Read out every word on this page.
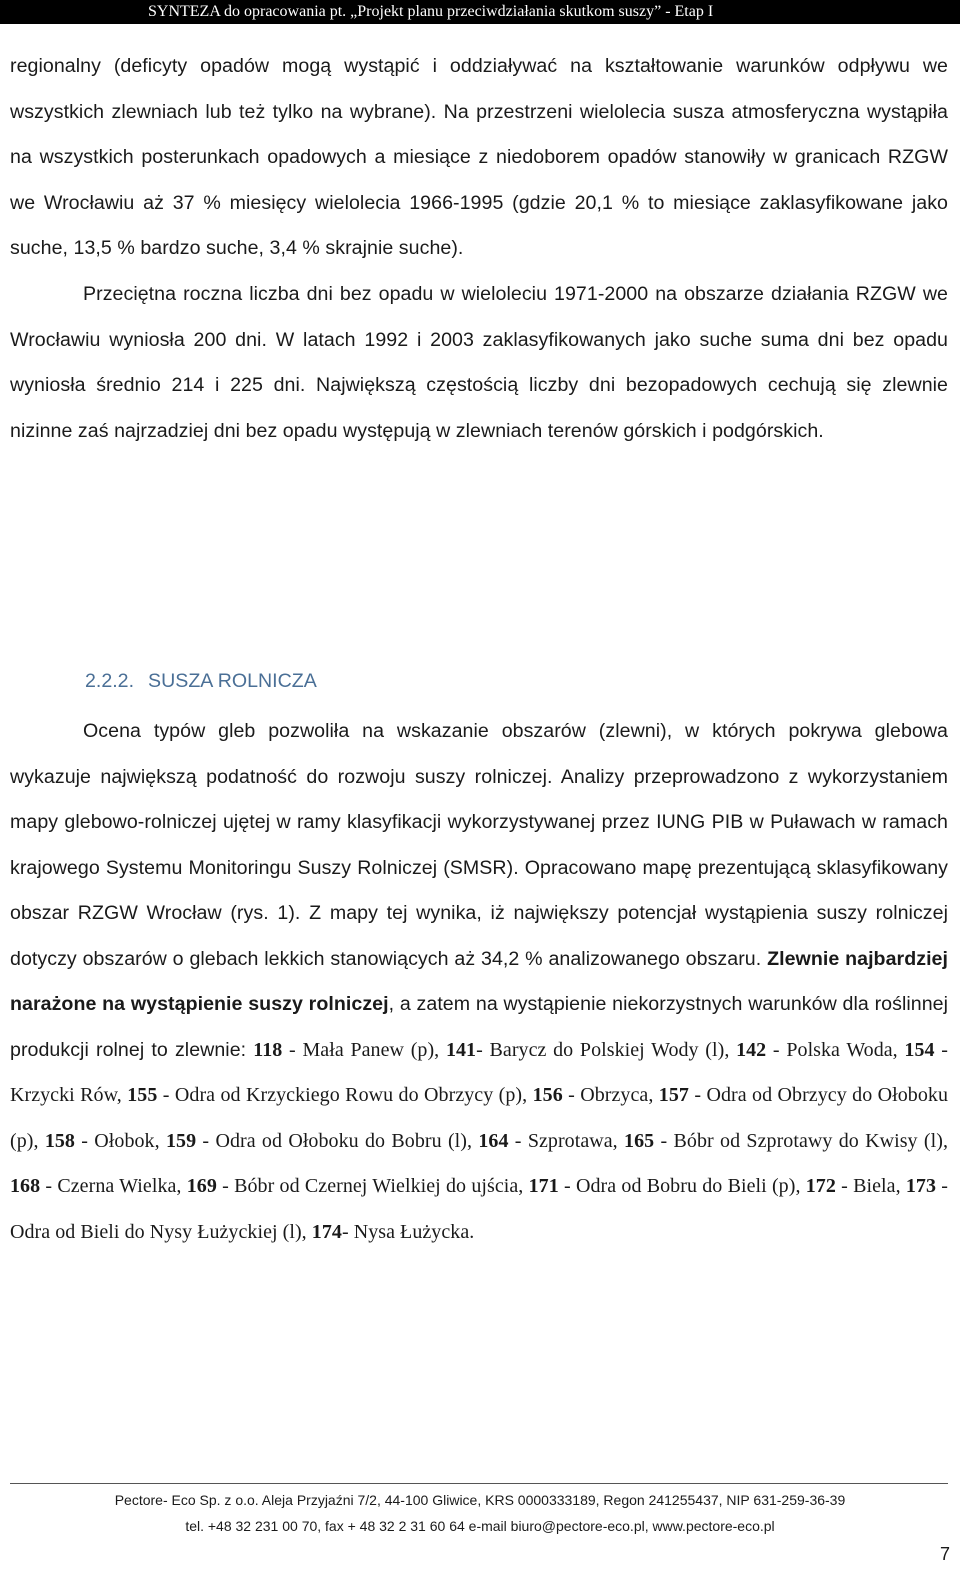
SYNTEZA do opracowania pt. „Projekt planu przeciwdziałania skutkom suszy” - Etap I

regionalny (deficyty opadów mogą wystąpić i oddziaływać na kształtowanie warunków odpływu we wszystkich zlewniach lub też tylko na wybrane). Na przestrzeni wielolecia susza atmosferyczna wystąpiła na wszystkich posterunkach opadowych a miesiące z niedoborem opadów stanowiły w granicach RZGW we Wrocławiu aż 37 % miesięcy wielolecia 1966-1995 (gdzie 20,1 % to miesiące zaklasyfikowane jako suche, 13,5 % bardzo suche, 3,4 % skrajnie suche).

Przeciętna roczna liczba dni bez opadu w wieloleciu 1971-2000 na obszarze działania RZGW we Wrocławiu wyniosła 200 dni. W latach 1992 i 2003 zaklasyfikowanych jako suche suma dni bez opadu wyniosła średnio 214 i 225 dni. Największą częstością liczby dni bezopadowych cechują się zlewnie nizinne zaś najrzadziej dni bez opadu występują w zlewniach terenów górskich i podgórskich.

2.2.2. SUSZA ROLNICZA

Ocena typów gleb pozwoliła na wskazanie obszarów (zlewni), w których pokrywa glebowa wykazuje największą podatność do rozwoju suszy rolniczej. Analizy przeprowadzono z wykorzystaniem mapy glebowo-rolniczej ujętej w ramy klasyfikacji wykorzystywanej przez IUNG PIB w Puławach w ramach krajowego Systemu Monitoringu Suszy Rolniczej (SMSR). Opracowano mapę prezentującą sklasyfikowany obszar RZGW Wrocław (rys. 1). Z mapy tej wynika, iż największy potencjał wystąpienia suszy rolniczej dotyczy obszarów o glebach lekkich stanowiących aż 34,2 % analizowanego obszaru. Zlewnie najbardziej narażone na wystąpienie suszy rolniczej, a zatem na wystąpienie niekorzystnych warunków dla roślinnej produkcji rolnej to zlewnie: 118 - Mała Panew (p), 141- Barycz do Polskiej Wody (l), 142 - Polska Woda, 154 - Krzycki Rów, 155 - Odra od Krzyckiego Rowu do Obrzycy (p), 156 - Obrzyca, 157 - Odra od Obrzycy do Ołoboku (p), 158 - Ołobok, 159 - Odra od Ołoboku do Bobru (l), 164 - Szprotawa, 165 - Bóbr od Szprotawy do Kwisy (l), 168 - Czerna Wielka, 169 - Bóbr od Czernej Wielkiej do ujścia, 171 - Odra od Bobru do Bieli (p), 172 - Biela, 173 - Odra od Bieli do Nysy Łużyckiej (l), 174- Nysa Łużycka.

Pectore- Eco Sp. z o.o. Aleja Przyjaźni 7/2, 44-100 Gliwice, KRS 0000333189, Regon 241255437, NIP 631-259-36-39
tel. +48 32 231 00 70, fax + 48 32 2 31 60 64 e-mail biuro@pectore-eco.pl, www.pectore-eco.pl
7
